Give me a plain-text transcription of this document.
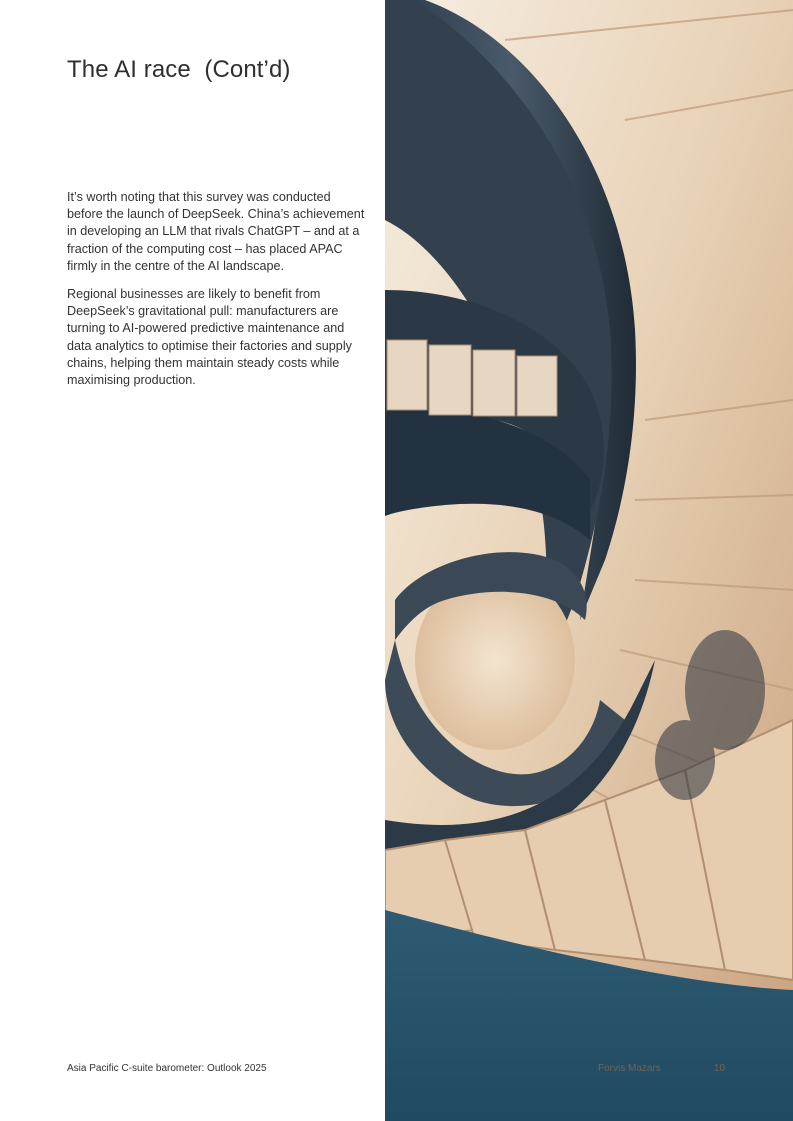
The AI race  (Cont’d)

It’s worth noting that this survey was conducted before the launch of DeepSeek. China’s achievement in developing an LLM that rivals ChatGPT – and at a fraction of the computing cost – has placed APAC firmly in the centre of the AI landscape.

Regional businesses are likely to benefit from DeepSeek’s gravitational pull: manufacturers are turning to AI-powered predictive maintenance and data analytics to optimise their factories and supply chains, helping them maintain steady costs while maximising production.

Asia Pacific C-suite barometer: Outlook 2025	Forvis Mazars	10
